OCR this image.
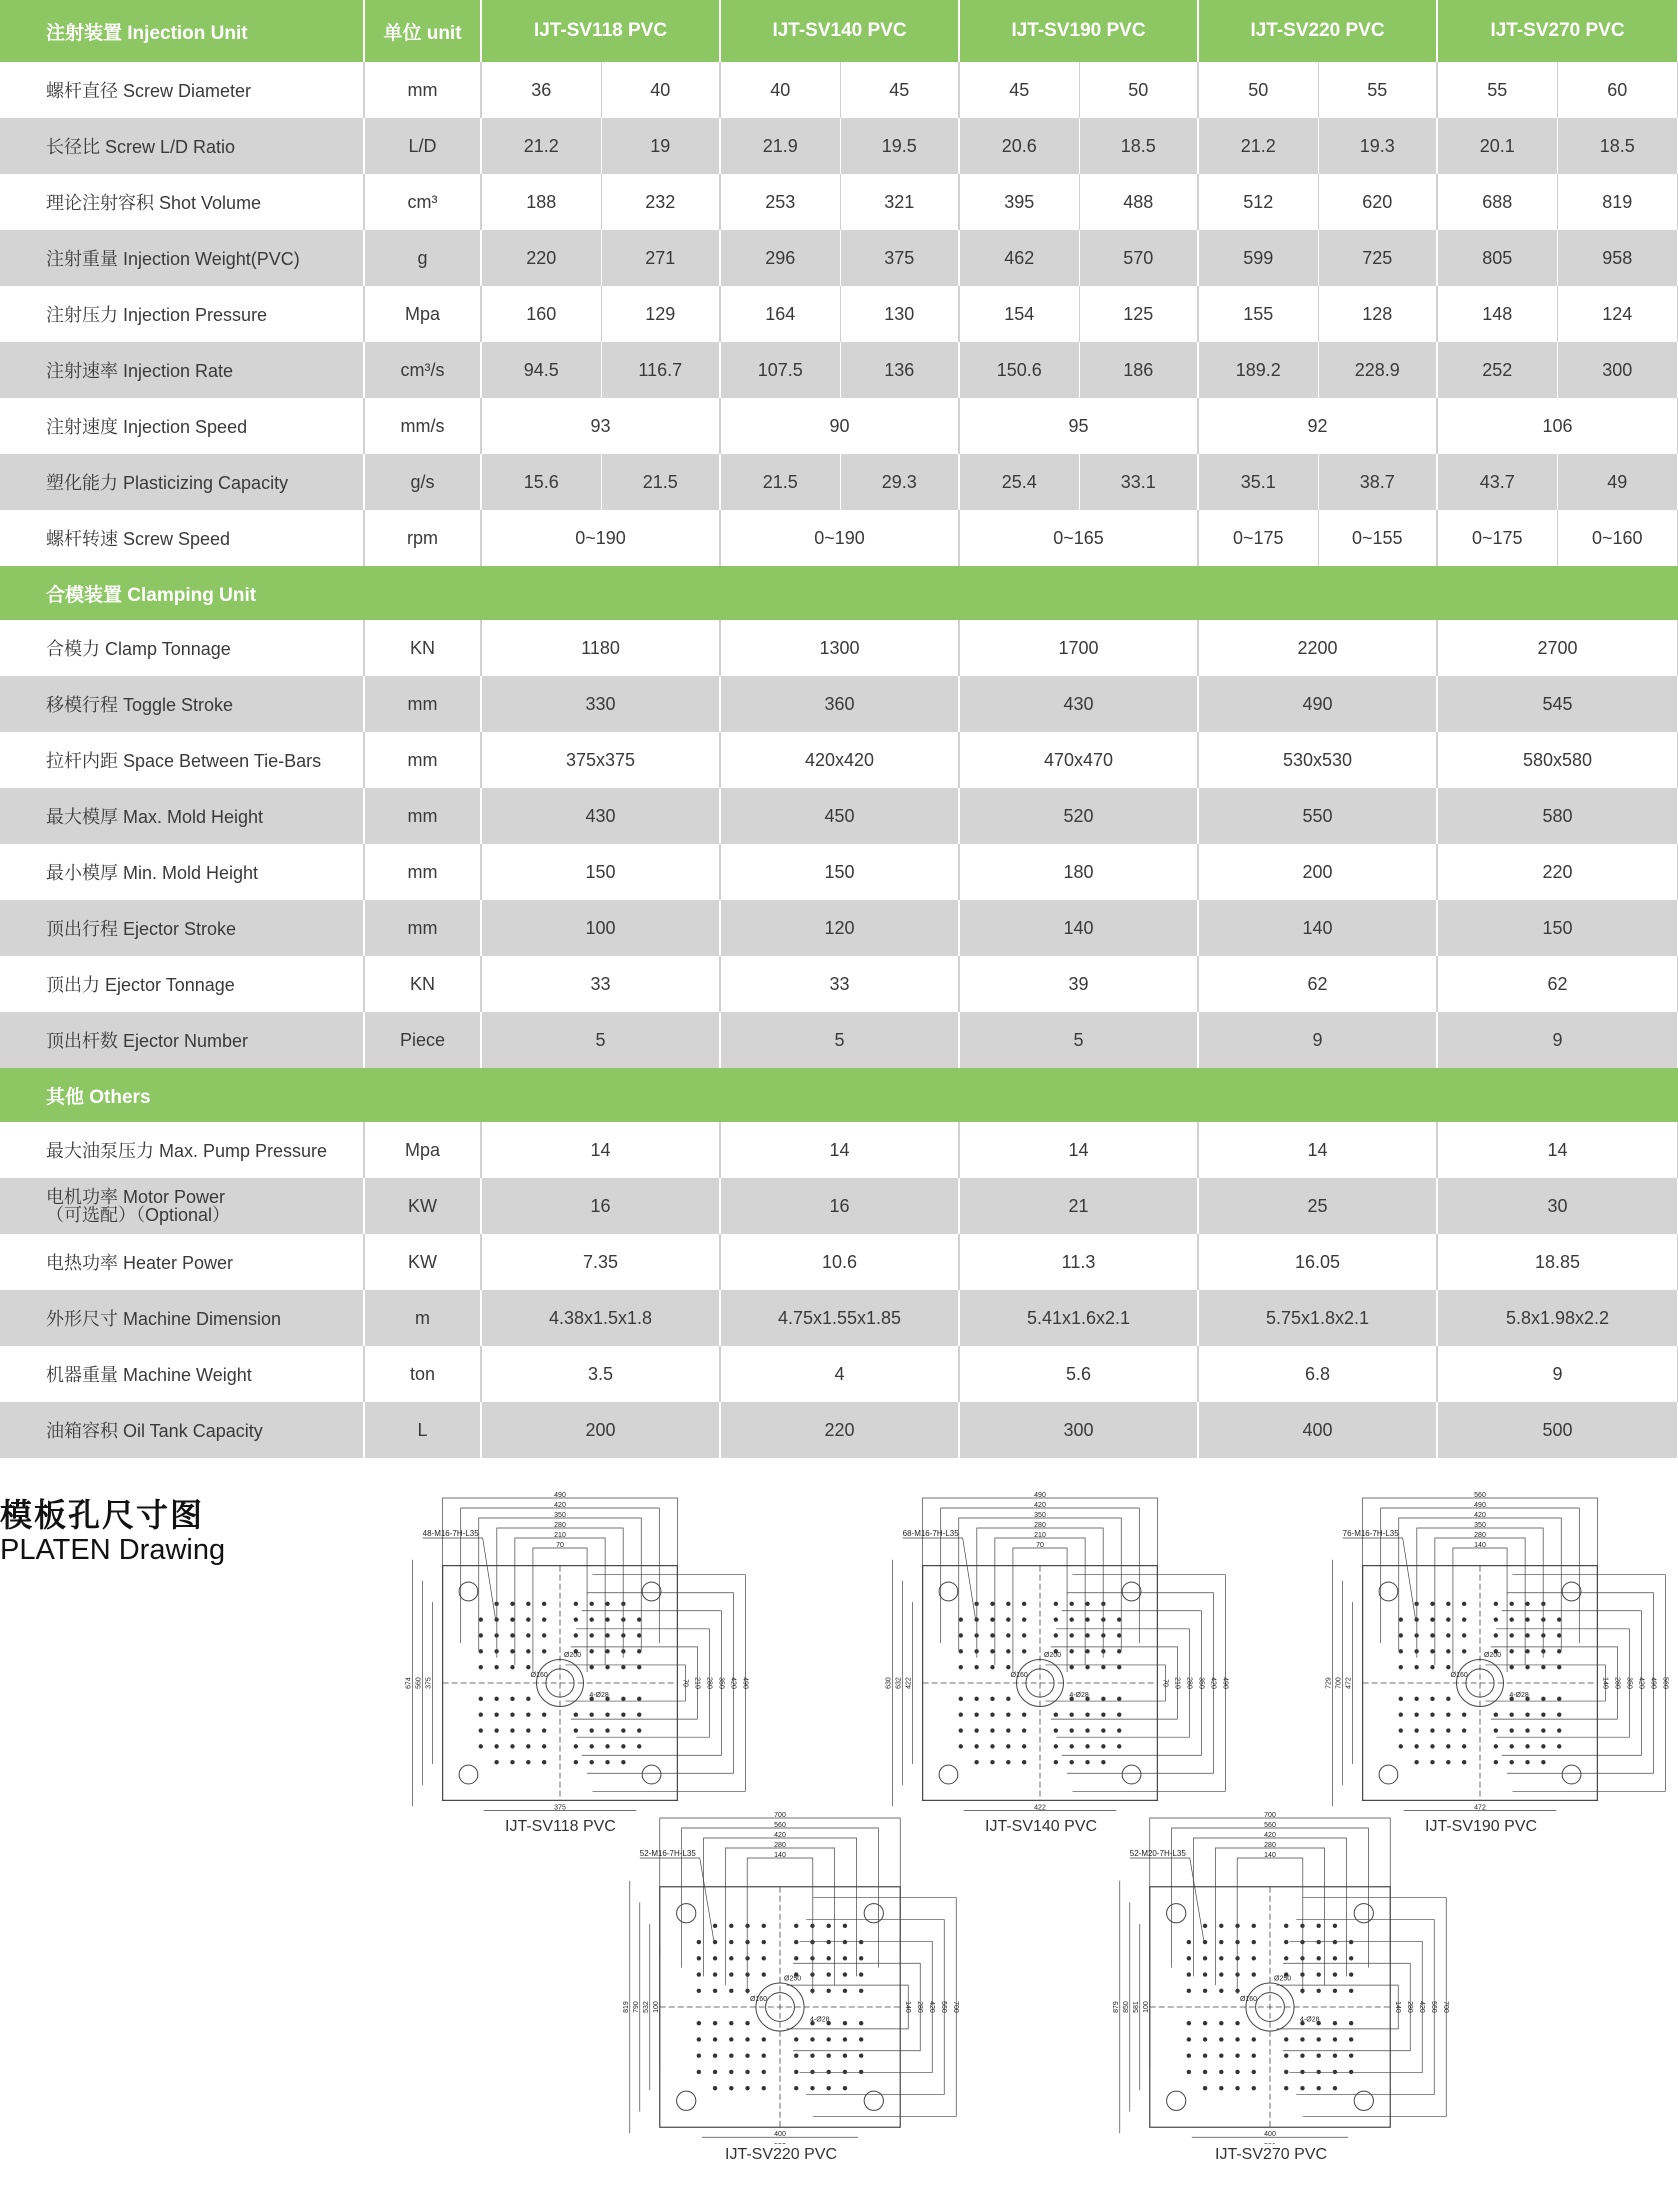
注射装置 Injection Unit	单位 unit	IJT-SV118 PVC		IJT-SV140 PVC		IJT-SV190 PVC		IJT-SV220 PVC		IJT-SV270 PVC	
螺杆直径 Screw Diameter	mm	36	40	40	45	45	50	50	55	55	60
长径比 Screw L/D Ratio	L/D	21.2	19	21.9	19.5	20.6	18.5	21.2	19.3	20.1	18.5
理论注射容积 Shot Volume	cm³	188	232	253	321	395	488	512	620	688	819
注射重量 Injection Weight(PVC)	g	220	271	296	375	462	570	599	725	805	958
注射压力 Injection Pressure	Mpa	160	129	164	130	154	125	155	128	148	124
注射速率 Injection Rate	cm³/s	94.5	116.7	107.5	136	150.6	186	189.2	228.9	252	300
注射速度 Injection Speed	mm/s	93		90		95		92		106	
塑化能力 Plasticizing Capacity	g/s	15.6	21.5	21.5	29.3	25.4	33.1	35.1	38.7	43.7	49
螺杆转速 Screw Speed	rpm	0~190		0~190		0~165		0~175	0~155	0~175	0~160
合模装置 Clamping Unit											
合模力 Clamp Tonnage	KN	1180		1300		1700		2200		2700	
移模行程 Toggle Stroke	mm	330		360		430		490		545	
拉杆内距 Space Between Tie-Bars	mm	375x375		420x420		470x470		530x530		580x580	
最大模厚 Max. Mold Height	mm	430		450		520		550		580	
最小模厚 Min. Mold Height	mm	150		150		180		200		220	
顶出行程 Ejector Stroke	mm	100		120		140		140		150	
顶出力 Ejector Tonnage	KN	33		33		39		62		62	
顶出杆数 Ejector Number	Piece	5		5		5		9		9	
其他 Others											
最大油泵压力 Max. Pump Pressure	Mpa	14		14		14		14		14	

电机功率 Motor Power
（可选配）（Optional）	KW	16		16		21		25		30	
电热功率 Heater Power	KW	7.35		10.6		11.3		16.05		18.85	
外形尺寸 Machine Dimension	m	4.38x1.5x1.8		4.75x1.55x1.85		5.41x1.6x2.1		5.75x1.8x2.1		5.8x1.98x2.2	
机器重量 Machine Weight	ton	3.5		4		5.6		6.8		9	
油箱容积 Oil Tank Capacity	L	200		220		300		400		500	
模板孔尺寸图
PLATEN Drawing
490
420
350
280
210
70
70 210 280 350 420 490
674 560 375
375
48-M16-7H-L35
Ø200
Ø160
4-Ø28
IJT-SV118 PVC
490
420
350
280
210
70
70 210 280 350 420 490
630 632 422
422
68-M16-7H-L35
Ø200
Ø160
4-Ø28
IJT-SV140 PVC
560
490
420
350
280
140
140 280 350 420 490 560
729 700 472
472
76-M16-7H-L35
Ø200
Ø160
4-Ø28
IJT-SV190 PVC
700
560
420
280
140
140 280 420 560 700
819 790 532 100
400
52-M16-7H-L35
Ø250
Ø160
4-Ø28
IJT-SV220 PVC
700
560
420
280
140
140 280 420 560 700
879 850 581 100
400
52-M20-7H-L35
Ø250
Ø160
4-Ø28
IJT-SV270 PVC
